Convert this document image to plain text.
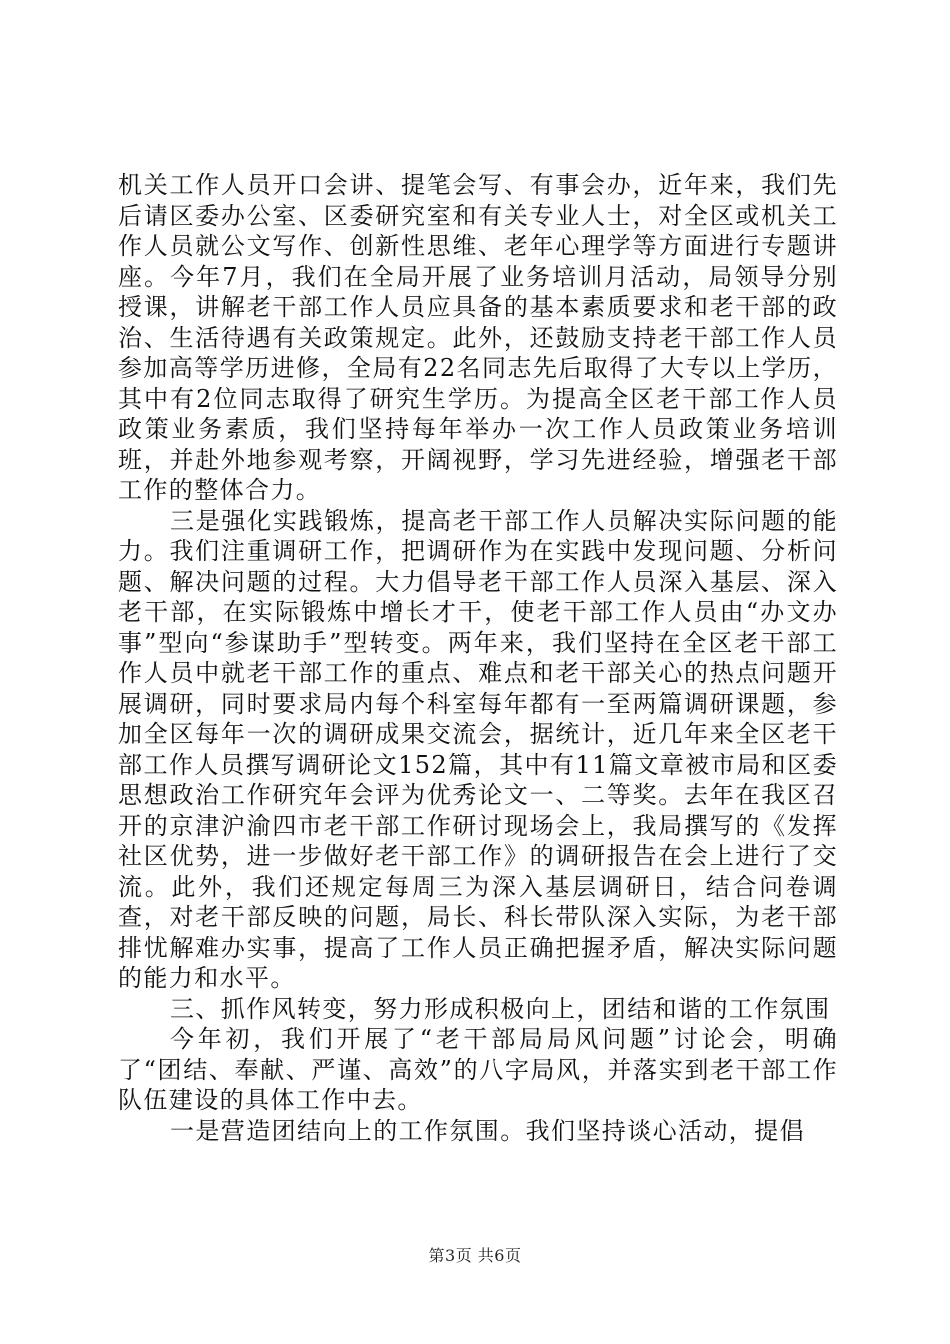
机关工作人员开口会讲、提笔会写、有事会办，近年来，我们先后请区委办公室、区委研究室和有关专业人士，对全区或机关工作人员就公文写作、创新性思维、老年心理学等方面进行专题讲座。今年7月，我们在全局开展了业务培训月活动，局领导分别授课，讲解老干部工作人员应具备的基本素质要求和老干部的政治、生活待遇有关政策规定。此外，还鼓励支持老干部工作人员参加高等学历进修，全局有22名同志先后取得了大专以上学历，其中有2位同志取得了研究生学历。为提高全区老干部工作人员政策业务素质，我们坚持每年举办一次工作人员政策业务培训班，并赴外地参观考察，开阔视野，学习先进经验，增强老干部工作的整体合力。

三是强化实践锻炼，提高老干部工作人员解决实际问题的能力。我们注重调研工作，把调研作为在实践中发现问题、分析问题、解决问题的过程。大力倡导老干部工作人员深入基层、深入老干部，在实际锻炼中增长才干，使老干部工作人员由“办文办事”型向“参谋助手”型转变。两年来，我们坚持在全区老干部工作人员中就老干部工作的重点、难点和老干部关心的热点问题开展调研，同时要求局内每个科室每年都有一至两篇调研课题，参加全区每年一次的调研成果交流会，据统计，近几年来全区老干部工作人员撰写调研论文152篇，其中有11篇文章被市局和区委思想政治工作研究年会评为优秀论文一、二等奖。去年在我区召开的京津沪渝四市老干部工作研讨现场会上，我局撰写的《发挥社区优势，进一步做好老干部工作》的调研报告在会上进行了交流。此外，我们还规定每周三为深入基层调研日，结合问卷调查，对老干部反映的问题，局长、科长带队深入实际，为老干部排忧解难办实事，提高了工作人员正确把握矛盾，解决实际问题的能力和水平。

三、抓作风转变，努力形成积极向上，团结和谐的工作氛围

今年初，我们开展了“老干部局局风问题”讨论会，明确了“团结、奉献、严谨、高效”的八字局风，并落实到老干部工作队伍建设的具体工作中去。

一是营造团结向上的工作氛围。我们坚持谈心活动，提倡

第3页 共6页
